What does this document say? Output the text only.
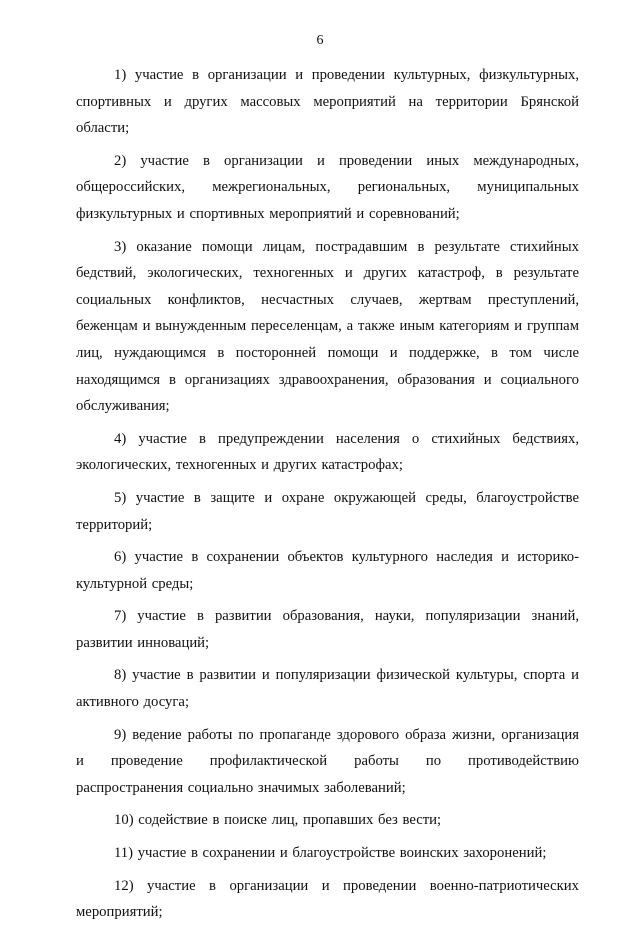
6

1) участие в организации и проведении культурных, физкультурных, спортивных и других массовых мероприятий на территории Брянской области;

2) участие в организации и проведении иных международных, общероссийских, межрегиональных, региональных, муниципальных физкультурных и спортивных мероприятий и соревнований;

3) оказание помощи лицам, пострадавшим в результате стихийных бедствий, экологических, техногенных и других катастроф, в результате социальных конфликтов, несчастных случаев, жертвам преступлений, беженцам и вынужденным переселенцам, а также иным категориям и группам лиц, нуждающимся в посторонней помощи и поддержке, в том числе находящимся в организациях здравоохранения, образования и социального обслуживания;

4) участие в предупреждении населения о стихийных бедствиях, экологических, техногенных и других катастрофах;

5) участие в защите и охране окружающей среды, благоустройстве территорий;

6) участие в сохранении объектов культурного наследия и историко-культурной среды;

7) участие в развитии образования, науки, популяризации знаний, развитии инноваций;

8) участие в развитии и популяризации физической культуры, спорта и активного досуга;

9) ведение работы по пропаганде здорового образа жизни, организация и проведение профилактической работы по противодействию распространения социально значимых заболеваний;

10) содействие в поиске лиц, пропавших без вести;

11) участие в сохранении и благоустройстве воинских захоронений;

12) участие в организации и проведении военно-патриотических мероприятий;
